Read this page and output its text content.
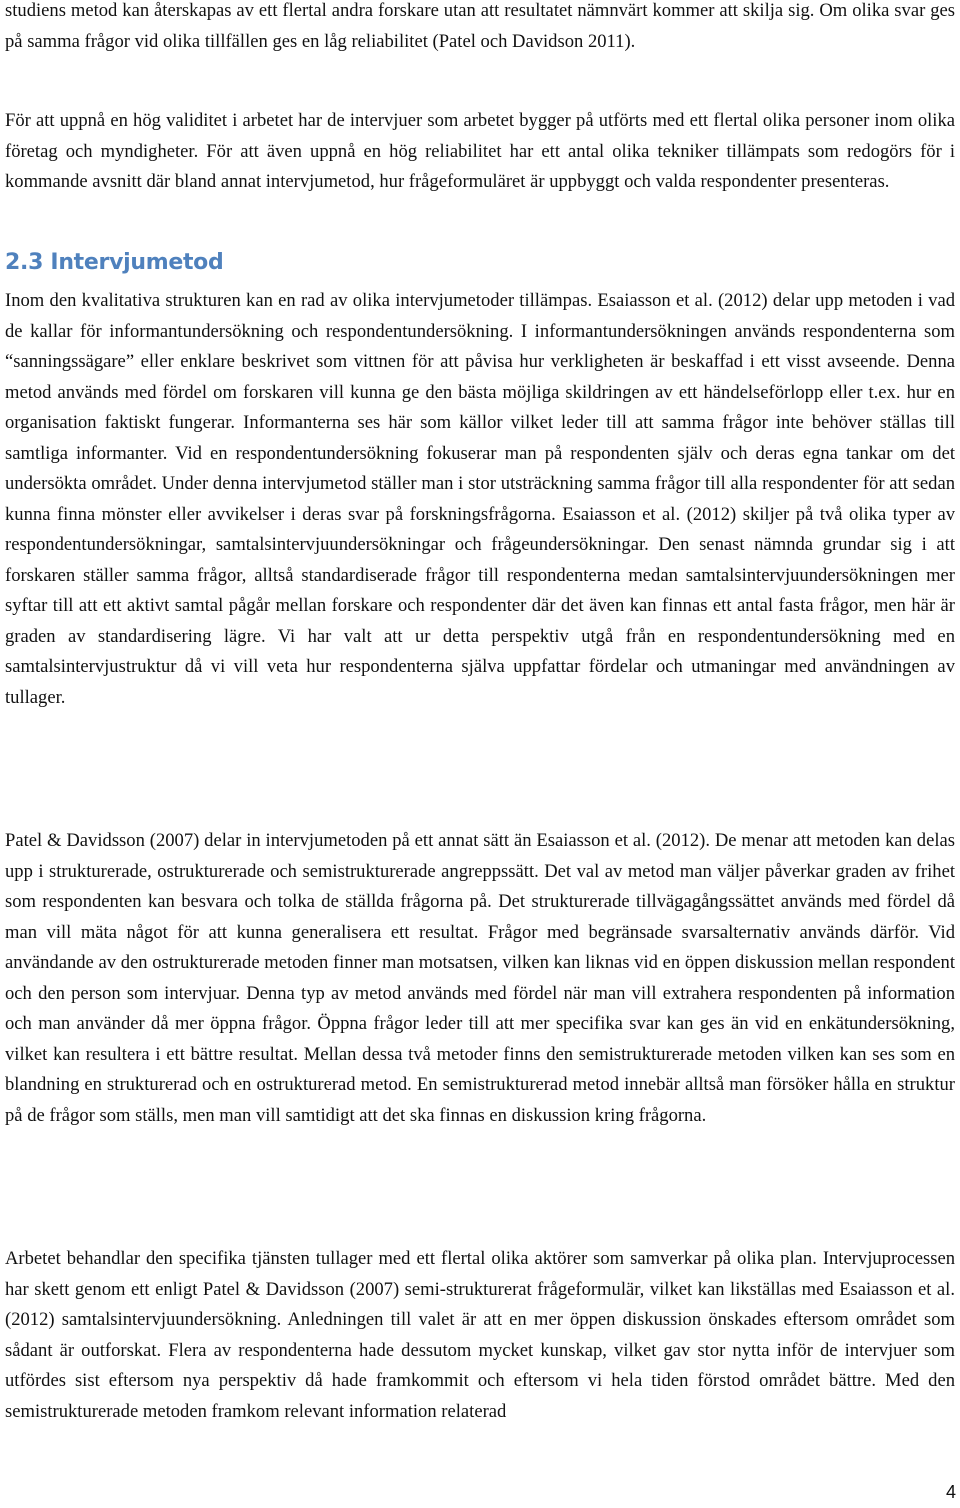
studiens metod kan återskapas av ett flertal andra forskare utan att resultatet nämnvärt kommer att skilja sig. Om olika svar ges på samma frågor vid olika tillfällen ges en låg reliabilitet (Patel och Davidson 2011).

För att uppnå en hög validitet i arbetet har de intervjuer som arbetet bygger på utförts med ett flertal olika personer inom olika företag och myndigheter. För att även uppnå en hög reliabilitet har ett antal olika tekniker tillämpats som redogörs för i kommande avsnitt där bland annat intervjumetod, hur frågeformuläret är uppbyggt och valda respondenter presenteras.

2.3 Intervjumetod

Inom den kvalitativa strukturen kan en rad av olika intervjumetoder tillämpas. Esaiasson et al. (2012) delar upp metoden i vad de kallar för informantundersökning och respondentundersökning. I informantundersökningen används respondenterna som “sanningssägare” eller enklare beskrivet som vittnen för att påvisa hur verkligheten är beskaffad i ett visst avseende. Denna metod används med fördel om forskaren vill kunna ge den bästa möjliga skildringen av ett händelseförlopp eller t.ex. hur en organisation faktiskt fungerar. Informanterna ses här som källor vilket leder till att samma frågor inte behöver ställas till samtliga informanter. Vid en respondentundersökning fokuserar man på respondenten själv och deras egna tankar om det undersökta området. Under denna intervjumetod ställer man i stor utsträckning samma frågor till alla respondenter för att sedan kunna finna mönster eller avvikelser i deras svar på forskningsfrågorna. Esaiasson et al. (2012) skiljer på två olika typer av respondentundersökningar, samtalsintervjuundersökningar och frågeundersökningar. Den senast nämnda grundar sig i att forskaren ställer samma frågor, alltså standardiserade frågor till respondenterna medan samtalsintervjuundersökningen mer syftar till att ett aktivt samtal pågår mellan forskare och respondenter där det även kan finnas ett antal fasta frågor, men här är graden av standardisering lägre. Vi har valt att ur detta perspektiv utgå från en respondentundersökning med en samtalsintervjustruktur då vi vill veta hur respondenterna själva uppfattar fördelar och utmaningar med användningen av tullager.

Patel & Davidsson (2007) delar in intervjumetoden på ett annat sätt än Esaiasson et al. (2012). De menar att metoden kan delas upp i strukturerade, ostrukturerade och semistrukturerade angreppssätt. Det val av metod man väljer påverkar graden av frihet som respondenten kan besvara och tolka de ställda frågorna på. Det strukturerade tillvägagångssättet används med fördel då man vill mäta något för att kunna generalisera ett resultat. Frågor med begränsade svarsalternativ används därför. Vid användande av den ostrukturerade metoden finner man motsatsen, vilken kan liknas vid en öppen diskussion mellan respondent och den person som intervjuar. Denna typ av metod används med fördel när man vill extrahera respondenten på information och man använder då mer öppna frågor. Öppna frågor leder till att mer specifika svar kan ges än vid en enkätundersökning, vilket kan resultera i ett bättre resultat. Mellan dessa två metoder finns den semistrukturerade metoden vilken kan ses som en blandning en strukturerad och en ostrukturerad metod. En semistrukturerad metod innebär alltså man försöker hålla en struktur på de frågor som ställs, men man vill samtidigt att det ska finnas en diskussion kring frågorna.

Arbetet behandlar den specifika tjänsten tullager med ett flertal olika aktörer som samverkar på olika plan. Intervjuprocessen har skett genom ett enligt Patel & Davidsson (2007) semi-strukturerat frågeformulär, vilket kan likställas med Esaiasson et al. (2012) samtalsintervjuundersökning. Anledningen till valet är att en mer öppen diskussion önskades eftersom området som sådant är outforskat. Flera av respondenterna hade dessutom mycket kunskap, vilket gav stor nytta inför de intervjuer som utfördes sist eftersom nya perspektiv då hade framkommit och eftersom vi hela tiden förstod området bättre. Med den semistrukturerade metoden framkom relevant information relaterad

4
